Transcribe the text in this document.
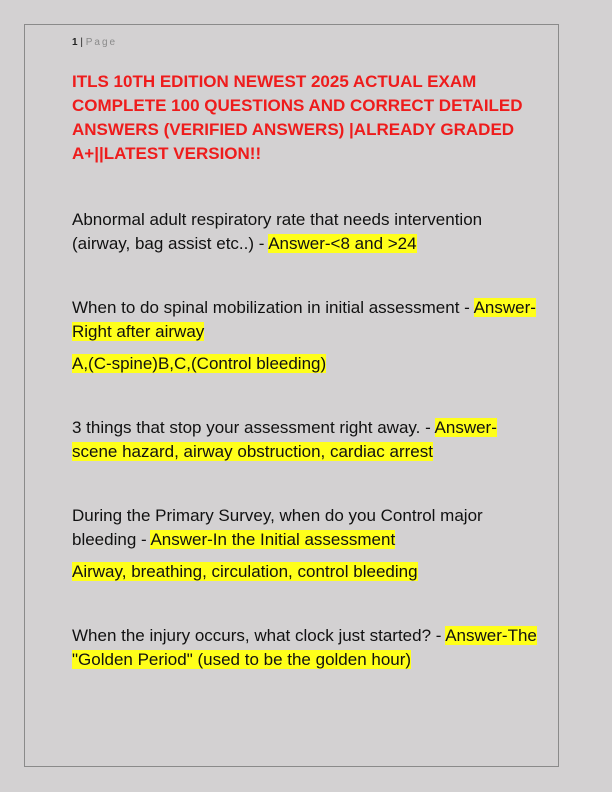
1 | Page
ITLS 10TH EDITION NEWEST 2025 ACTUAL EXAM COMPLETE 100 QUESTIONS AND CORRECT DETAILED ANSWERS (VERIFIED ANSWERS) |ALREADY GRADED A+||LATEST VERSION!!
Abnormal adult respiratory rate that needs intervention (airway, bag assist etc..) - Answer-<8 and >24
When to do spinal mobilization in initial assessment - Answer-Right after airway
A,(C-spine)B,C,(Control bleeding)
3 things that stop your assessment right away. - Answer-scene hazard, airway obstruction, cardiac arrest
During the Primary Survey, when do you Control major bleeding - Answer-In the Initial assessment
Airway, breathing, circulation, control bleeding
When the injury occurs, what clock just started? - Answer-The "Golden Period" (used to be the golden hour)
